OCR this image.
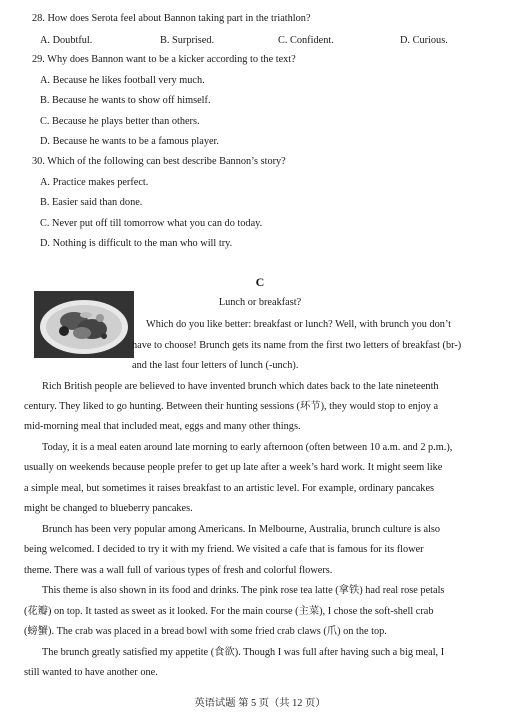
28. How does Serota feel about Bannon taking part in the triathlon?
A. Doubtful.	B. Surprised.	C. Confident.	D. Curious.
29. Why does Bannon want to be a kicker according to the text?
A. Because he likes football very much.
B. Because he wants to show off himself.
C. Because he plays better than others.
D. Because he wants to be a famous player.
30. Which of the following can best describe Bannon’s story?
A. Practice makes perfect.
B. Easier said than done.
C. Never put off till tomorrow what you can do today.
D. Nothing is difficult to the man who will try.
C
Lunch or breakfast?
Which do you like better: breakfast or lunch? Well, with brunch you don’t
have to choose! Brunch gets its name from the first two letters of breakfast (br-)
and the last four letters of lunch (-unch).
Rich British people are believed to have invented brunch which dates back to the late nineteenth
century. They liked to go hunting. Between their hunting sessions (环节), they would stop to enjoy a
mid-morning meal that included meat, eggs and many other things.
Today, it is a meal eaten around late morning to early afternoon (often between 10 a.m. and 2 p.m.),
usually on weekends because people prefer to get up late after a week’s hard work. It might seem like
a simple meal, but sometimes it raises breakfast to an artistic level. For example, ordinary pancakes
might be changed to blueberry pancakes.
Brunch has been very popular among Americans. In Melbourne, Australia, brunch culture is also
being welcomed. I decided to try it with my friend. We visited a cafe that is famous for its flower
theme. There was a wall full of various types of fresh and colorful flowers.
This theme is also shown in its food and drinks. The pink rose tea latte (拿铁) had real rose petals
(花瓣) on top. It tasted as sweet as it looked. For the main course (主菜), I chose the soft-shell crab
(螃蟹). The crab was placed in a bread bowl with some fried crab claws (爪) on the top.
The brunch greatly satisfied my appetite (食欲). Though I was full after having such a big meal, I
still wanted to have another one.
英语试题 第 5 页（共 12 页）
